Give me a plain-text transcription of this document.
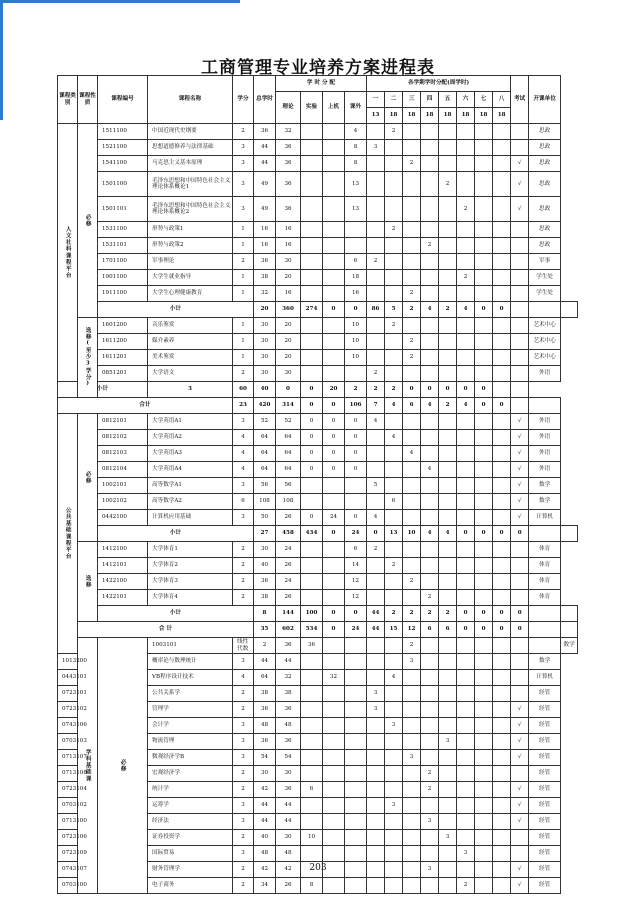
工商管理专业培养方案进程表
课程类别	课程性质	课程编号	课程名称	学分	总学时	学 时 分 配				各学期学时分配(周学时)								考试	开课单位	
						理论	实验	上机	课外	一	二	三	四	五	六	七	八			
										13	18	18	18	18	18	18	18			
人文社科课程平台	必修	1511100	中国近现代史纲要	2	36	32			4		2								思政	
		1521100	思想道德修养与法律基础	3	44	36			8	3									思政	
		1541100	马克思主义基本原理	3	44	36			8			2						√	思政	
		1501100	毛泽东思想和中国特色社会主义理论体系概论1	3	49	36			13					2				√	思政	
		1501101	毛泽东思想和中国特色社会主义理论体系概论2	3	49	36			13						2			√	思政	
		1531100	形势与政策1	1	16	16					2								思政	
		1531101	形势与政策2	1	16	16							2						思政	
		1701100	军事理论	2	36	30			6	2									军事	
		1901100	大学生就业指导	1	38	20			18						2				学生处	
		1911100	大学生心理健康教育	1	32	16			16			2							学生处	
		小计			20	360	274	0	0	86	5	2	4	2	4	0	0			
	选修(至少3学分)	1601200	音乐鉴赏	1	30	20			10		2								艺术中心	
		1611200	媒介素养	1	30	20			10			2							艺术中心	
		1611201	美术鉴赏	1	30	20			10			2							艺术中心	
		0851201	大学语文	2	30	30				2									外语	
小计			3	60	40	0	0	20	2	2	2	0	0	0	0	0				
合计				23	420	314	0	0	106	7	4	6	4	2	4	0	0			
公共基础课程平台	必修	0812101	大学英语A1	3	52	52	0	0	0	4								√	外语	
		0812102	大学英语A2	4	64	64	0	0	0		4							√	外语	
		0812103	大学英语A3	4	64	64	0	0	0			4						√	外语	
		0812104	大学英语A4	4	64	64	0	0	0				4					√	外语	
		1002101	高等数学A1	3	56	56				5								√	数学	
		1002102	高等数学A2	6	108	108					6							√	数学	
		0442100	计算机应用基础	3	50	26	0	24	0	4								√	计算机	
		小计			27	458	434	0	24	0	13	10	4	4	0	0	0	0		
	选修	1412100	大学体育1	2	30	24			6	2									体育	
		1412101	大学体育2	2	40	26			14		2								体育	
		1422100	大学体育3	2	36	24			12			2							体育	
		1422101	大学体育4	2	38	26			12				2						体育	
		小计			8	144	100	0	0	44	2	2	2	2	0	0	0	0		
	合 计				35	602	534	0	24	44	15	12	6	6	0	0	0	0		
	学科基础课	必修	1003101	线性代数	2	36	36					2								数学
1013200			概率论与数理统计	3	44	44						3							数学	
0443101			VB程序设计技术	4	64	32		32			4								计算机	
0723101			公共关系学	2	38	38				3									经管	
0723102			管理学	2	36	36				3								√	经管	
0743106			会计学	3	48	48					3							√	经管	
0703103			物流管理	3	36	36								3				√	经管	
0713107			微观经济学B	3	54	54						3						√	经管	
0713108			宏观经济学	2	30	30							2						经管	
0723104			统计学	2	42	36	6						2					√	经管	
0703102			运筹学	3	44	44					3							√	经管	
0713100			经济法	3	44	44							3					√	经管	
0723106			证券投资学	2	40	30	10							3					经管	
0723109			国际贸易	3	48	48									3				经管	
0743107			财务管理学	2	42	42							3					√	经管	
0703100			电子商务	2	34	26	8								2			√	经管	
203
